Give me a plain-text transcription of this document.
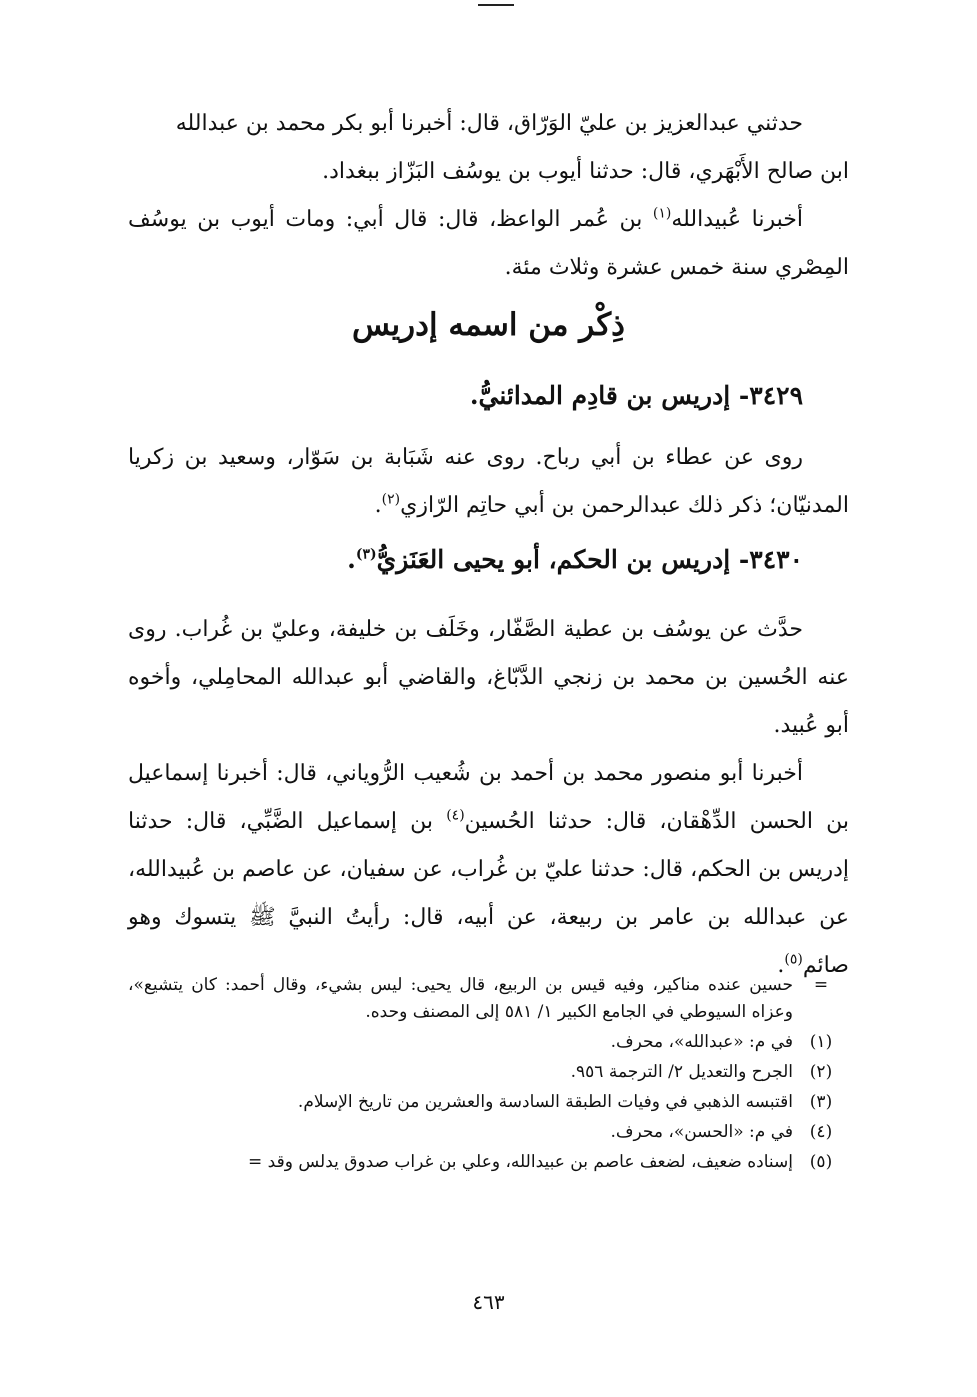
حدثني عبدالعزيز بن عليّ الوَرّاق، قال: أخبرنا أبو بكر محمد بن عبدالله
ابن صالح الأَبْهَري، قال: حدثنا أيوب بن يوسُف البَزّاز ببغداد.

أخبرنا عُبيدالله$^{(١)}$ بن عُمر الواعظ، قال: قال أبي: ومات أيوب بن يوسُف المِصْري سنة خمس عشرة وثلاث مئة.

ذِكْر من اسمه إدريس
٣٤٢٩- إدريس بن قادِم المدائنيُّ.

روى عن عطاء بن أبي رباح. روى عنه شَبَابة بن سَوّار، وسعيد بن زكريا المدنيّان؛ ذكر ذلك عبدالرحمن بن أبي حاتِم الرّازي$^{(٢)}$.

٣٤٣٠- إدريس بن الحكم، أبو يحيى العَنَزيُّ$^{(٣)}$.

حدَّث عن يوسُف بن عطية الصَّفّار، وخَلَف بن خليفة، وعليّ بن غُراب. روى عنه الحُسين بن محمد بن زنجي الدَّبّاغ، والقاضي أبو عبدالله المحامِلي، وأخوه أبو عُبيد.

أخبرنا أبو منصور محمد بن أحمد بن شُعيب الرُّوياني، قال: أخبرنا إسماعيل بن الحسن الدِّهْقان، قال: حدثنا الحُسين$^{(٤)}$ بن إسماعيل الضَّبِّي، قال: حدثنا إدريس بن الحكم، قال: حدثنا عليّ بن غُراب، عن سفيان، عن عاصم بن عُبيدالله، عن عبدالله بن عامر بن ربيعة، عن أبيه، قال: رأيتُ النبيَّ ﷺ يتسوك وهو صائم$^{(٥)}$.

=
حسين عنده مناكير، وفيه قيس بن الربيع، قال يحيى: ليس بشيء، وقال أحمد: كان يتشيع»، وعزاه السيوطي في الجامع الكبير ١/ ٥٨١ إلى المصنف وحده.
(١)
في م: «عبدالله»، محرف.
(٢)
الجرح والتعديل ٢/ الترجمة ٩٥٦.
(٣)
اقتبسه الذهبي في وفيات الطبقة السادسة والعشرين من تاريخ الإسلام.
(٤)
في م: «الحسن»، محرف.
(٥)
إسناده ضعيف، لضعف عاصم بن عبيدالله، وعلي بن غراب صدوق يدلس وقد =
٤٦٣
